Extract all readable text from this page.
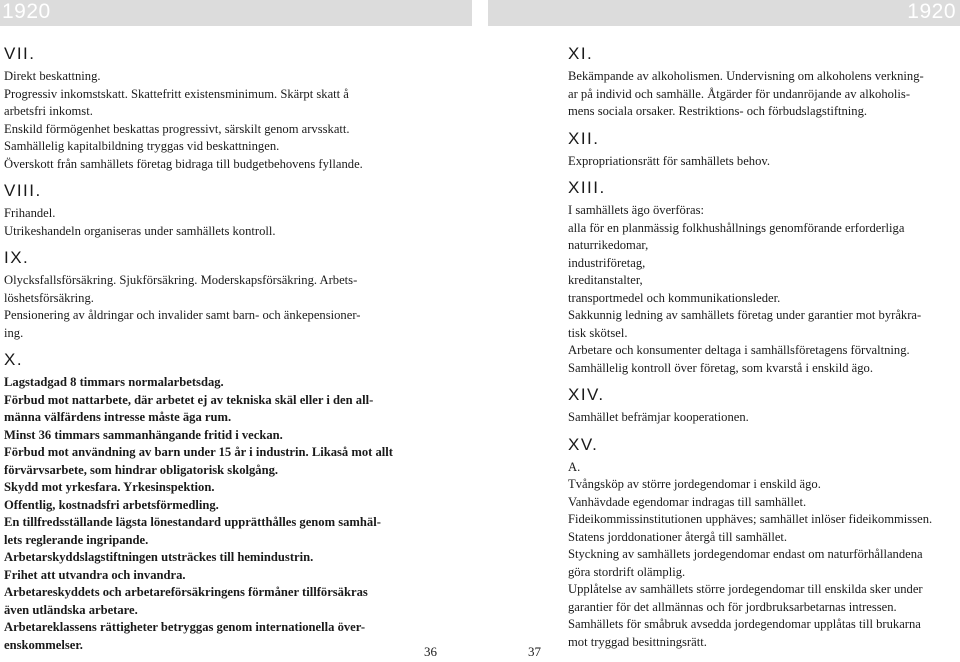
1920	1920
VII.
Direkt beskattning.
Progressiv inkomstskatt. Skattefritt existensminimum. Skärpt skatt å
arbetsfri inkomst.
Enskild förmögenhet beskattas progressivt, särskilt genom arvsskatt.
Samhällelig kapitalbildning tryggas vid beskattningen.
Överskott från samhällets företag bidraga till budgetbehovens fyllande.
VIII.
Frihandel.
Utrikeshandeln organiseras under samhällets kontroll.
IX.
Olycksfallsförsäkring. Sjukförsäkring. Moderskapsförsäkring. Arbets-
löshetsförsäkring.
Pensionering av åldringar och invalider samt barn- och änkepensioner-
ing.
X.
Lagstadgad 8 timmars normalarbetsdag.
Förbud mot nattarbete, där arbetet ej av tekniska skäl eller i den all-
männa välfärdens intresse måste äga rum.
Minst 36 timmars sammanhängande fritid i veckan.
Förbud mot användning av barn under 15 år i industrin. Likaså mot allt
förvärvsarbete, som hindrar obligatorisk skolgång.
Skydd mot yrkesfara. Yrkesinspektion.
Offentlig, kostnadsfri arbetsförmedling.
En tillfredsställande lägsta lönestandard upprätthålles genom samhäl-
lets reglerande ingripande.
Arbetarskyddslagstiftningen utsträckes till hemindustrin.
Frihet att utvandra och invandra.
Arbetareskyddets och arbetareförsäkringens förmåner tillförsäkras
även utländska arbetare.
Arbetareklassens rättigheter betryggas genom internationella över-
enskommelser.
XI.
Bekämpande av alkoholismen. Undervisning om alkoholens verkning-
ar på individ och samhälle. Åtgärder för undanröjande av alkoholis-
mens sociala orsaker. Restriktions- och förbudslagstiftning.
XII.
Expropriationsrätt för samhällets behov.
XIII.
I samhällets ägo överföras:
alla för en planmässig folkhushållnings genomförande erforderliga
naturrikedomar,
industriföretag,
kreditanstalter,
transportmedel och kommunikationsleder.
Sakkunnig ledning av samhällets företag under garantier mot byråkra-
tisk skötsel.
Arbetare och konsumenter deltaga i samhällsföretagens förvaltning.
Samhällelig kontroll över företag, som kvarstå i enskild ägo.
XIV.
Samhället befrämjar kooperationen.
XV.
A.
Tvångsköp av större jordegendomar i enskild ägo.
Vanhävdade egendomar indragas till samhället.
Fideikommissinstitutionen upphäves; samhället inlöser fideikommissen.
Statens jorddonationer återgå till samhället.
Styckning av samhällets jordegendomar endast om naturförhållandena
göra stordrift olämplig.
Upplåtelse av samhällets större jordegendomar till enskilda sker under
garantier för det allmännas och för jordbruksarbetarnas intressen.
Samhällets för småbruk avsedda jordegendomar upplåtas till brukarna
mot tryggad besittningsrätt.
36	37
